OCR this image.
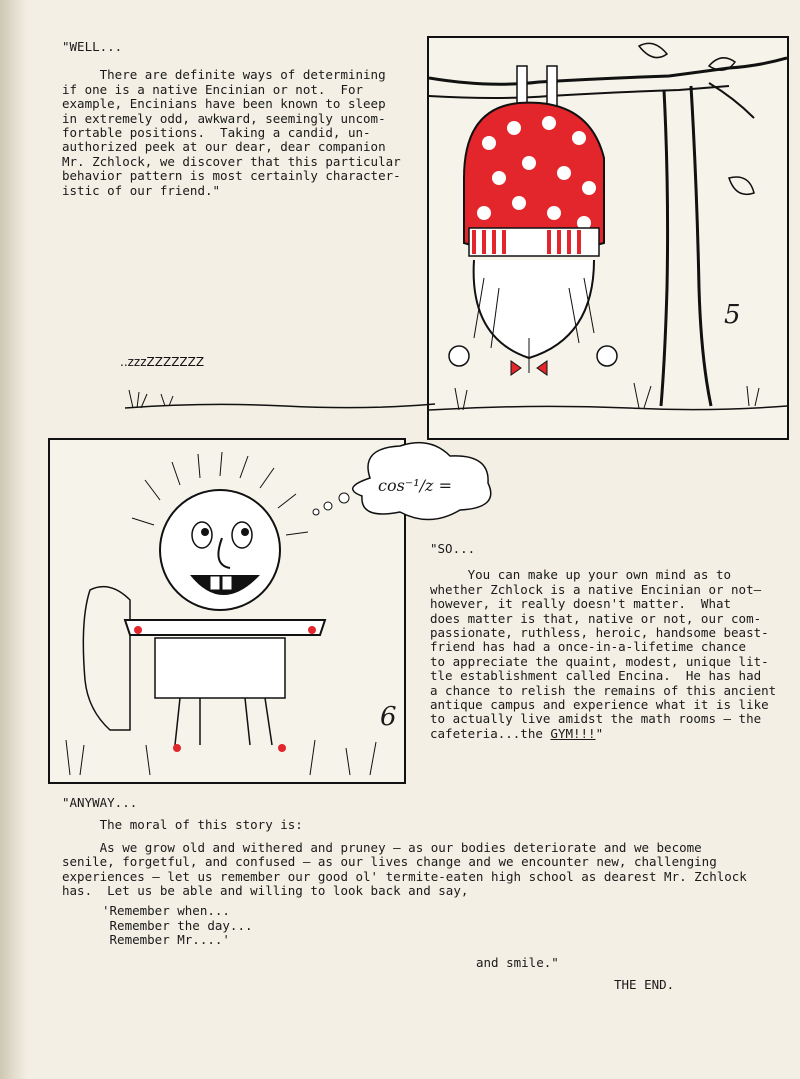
"WELL...

There are definite ways of determining

if one is a native Encinian or not.  For

example, Encinians have been known to sleep

in extremely odd, awkward, seemingly uncom-

fortable positions.  Taking a candid, un-

authorized peek at our dear, dear companion

Mr. Zchlock, we discover that this particular

behavior pattern is most certainly character-

istic of our friend."

5
..zzzZZZZZZZ
6
cos⁻¹/z =

"SO...

You can make up your own mind as to

whether Zchlock is a native Encinian or not—

however, it really doesn't matter.  What

does matter is that, native or not, our com-

passionate, ruthless, heroic, handsome beast-

friend has had a once-in-a-lifetime chance

to appreciate the quaint, modest, unique lit-

tle establishment called Encina.  He has had

a chance to relish the remains of this ancient

antique campus and experience what it is like

to actually live amidst the math rooms — the

cafeteria...the GYM!!!"

"ANYWAY...

The moral of this story is:

As we grow old and withered and pruney — as our bodies deteriorate and we become

senile, forgetful, and confused — as our lives change and we encounter new, challenging

experiences — let us remember our good ol' termite-eaten high school as dearest Mr. Zchlock

has.  Let us be able and willing to look back and say,

'Remember when...

Remember the day...

Remember Mr....'

and smile."

THE END.
